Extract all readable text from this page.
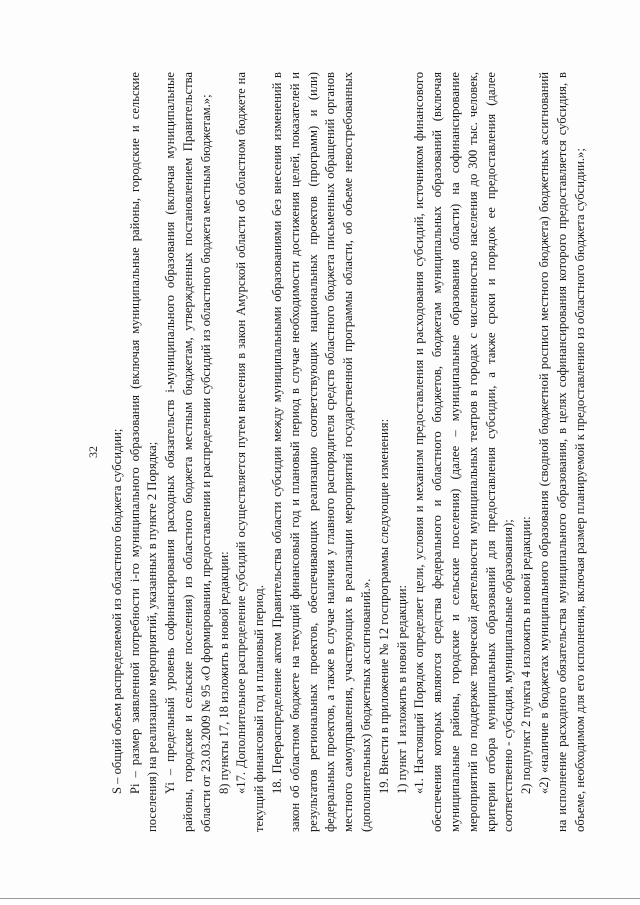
32 S – общий объем распределяемой из областного бюджета субсидии; Pi – размер заявленной потребности i-го муниципального образования (включая муниципальные районы, городские и сельские поселения) на реализацию мероприятий, указанных в пункте 2 Порядка; Yi – предельный уровень софинансирования расходных обязательств i-муниципального образования (включая муниципальные районы, городские и сельские поселения) из областного бюджета местным бюджетам, утвержденных постановлением Правительства области от 23.03.2009 № 95 «О формировании, предоставлении и распределении субсидий из областного бюджета местным бюджетам.»; 8) пункты 17, 18 изложить в новой редакции: «17. Дополнительное распределение субсидий осуществляется путем внесения в закон Амурской области об областном бюджете на текущий финансовый год и плановый период. 18. Перераспределение актом Правительства области субсидии между муниципальными образованиями без внесения изменений в закон об областном бюджете на текущий финансовый год и плановый период в случае необходимости достижения целей, показателей и результатов региональных проектов, обеспечивающих реализацию соответствующих национальных проектов (программ) и (или) федеральных проектов, а также в случае наличия у главного распорядителя средств областного бюджета письменных обращений органов местного самоуправления, участвующих в реализации мероприятий государственной программы области, об объеме невостребованных (дополнительных) бюджетных ассигнований.». 19. Внести в приложение № 12 госпрограммы следующие изменения: 1) пункт 1 изложить в новой редакции: «1. Настоящий Порядок определяет цели, условия и механизм предоставления и расходования субсидий, источником финансового обеспечения которых являются средства федерального и областного бюджетов, бюджетам муниципальных образований (включая муниципальные районы, городские и сельские поселения) (далее – муниципальные образования области) на софинансирование мероприятий по поддержке творческой деятельности муниципальных театров в городах с численностью населения до 300 тыс. человек, критерии отбора муниципальных образований для предоставления субсидии, а также сроки и порядок ее предоставления (далее соответственно - субсидия, муниципальные образования); 2) подпункт 2 пункта 4 изложить в новой редакции: «2) «наличие в бюджетах муниципального образования (сводной бюджетной росписи местного бюджета) бюджетных ассигнований на исполнение расходного обязательства муниципального образования, в целях софинансирования которого предоставляется субсидия, в объеме, необходимом для его исполнения, включая размер планируемой к предоставлению из областного бюджета субсидии.»;
